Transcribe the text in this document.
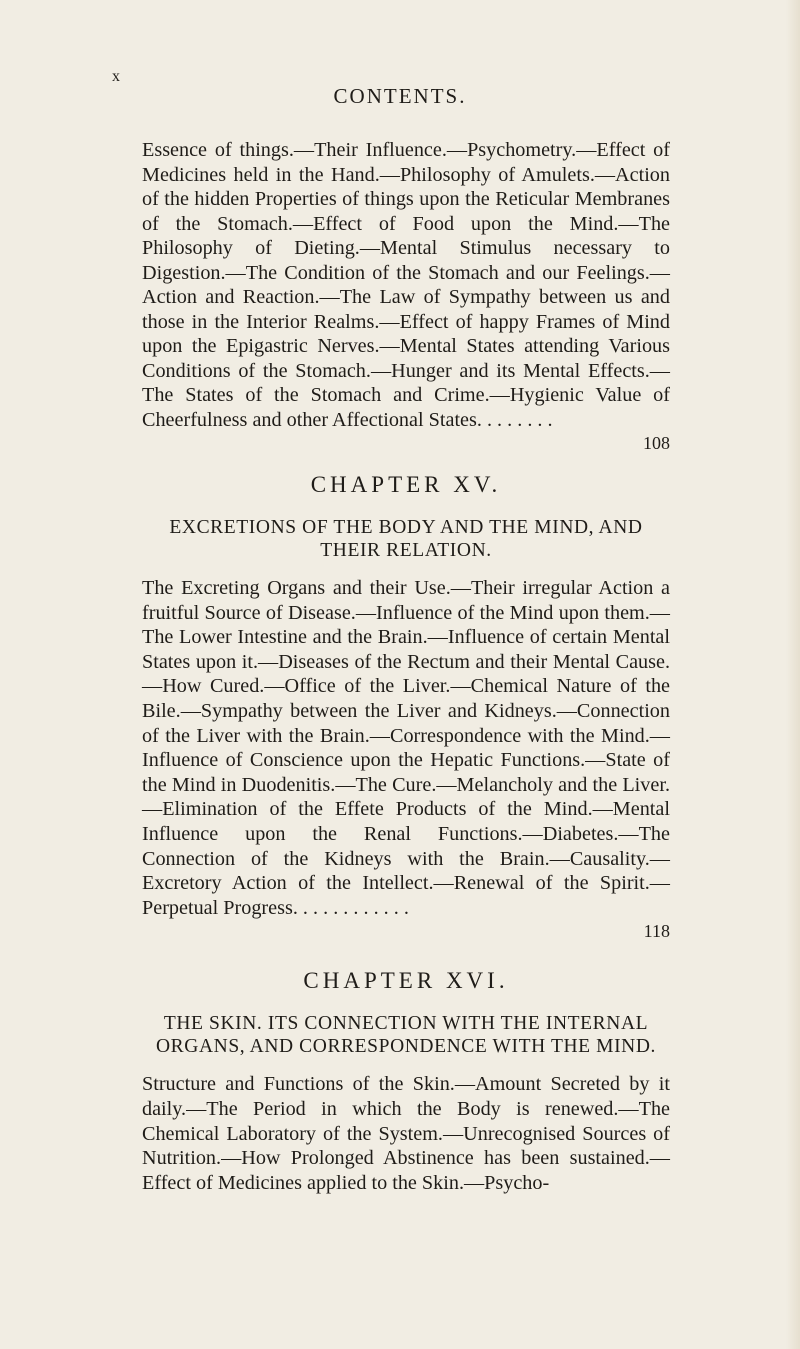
x
CONTENTS.

Essence of things.—Their Influence.—Psychometry.—Effect of Medicines held in the Hand.—Philosophy of Amulets.—Action of the hidden Properties of things upon the Reticular Membranes of the Stomach.—Effect of Food upon the Mind.—The Philosophy of Dieting.—Mental Stimulus necessary to Digestion.—The Condition of the Stomach and our Feelings.—Action and Reaction.—The Law of Sympathy between us and those in the Interior Realms.—Effect of happy Frames of Mind upon the Epigastric Nerves.—Mental States attending Various Conditions of the Stomach.—Hunger and its Mental Effects.—The States of the Stomach and Crime.—Hygienic Value of Cheerfulness and other Affectional States. . . . . . . .

108

CHAPTER XV.
EXCRETIONS OF THE BODY AND THE MIND, AND THEIR RELATION.

The Excreting Organs and their Use.—Their irregular Action a fruitful Source of Disease.—Influence of the Mind upon them.—The Lower Intestine and the Brain.—Influence of certain Mental States upon it.—Diseases of the Rectum and their Mental Cause.—How Cured.—Office of the Liver.—Chemical Nature of the Bile.—Sympathy between the Liver and Kidneys.—Connection of the Liver with the Brain.—Correspondence with the Mind.—Influence of Conscience upon the Hepatic Functions.—State of the Mind in Duodenitis.—The Cure.—Melancholy and the Liver.—Elimination of the Effete Products of the Mind.—Mental Influence upon the Renal Functions.—Diabetes.—The Connection of the Kidneys with the Brain.—Causality.—Excretory Action of the Intellect.—Renewal of the Spirit.—Perpetual Progress. . . . . . . . . . . .

118

CHAPTER XVI.
THE SKIN. ITS CONNECTION WITH THE INTERNAL ORGANS, AND CORRESPONDENCE WITH THE MIND.

Structure and Functions of the Skin.—Amount Secreted by it daily.—The Period in which the Body is renewed.—The Chemical Laboratory of the System.—Unrecognised Sources of Nutrition.—How Prolonged Abstinence has been sustained.—Effect of Medicines applied to the Skin.—Psycho-
